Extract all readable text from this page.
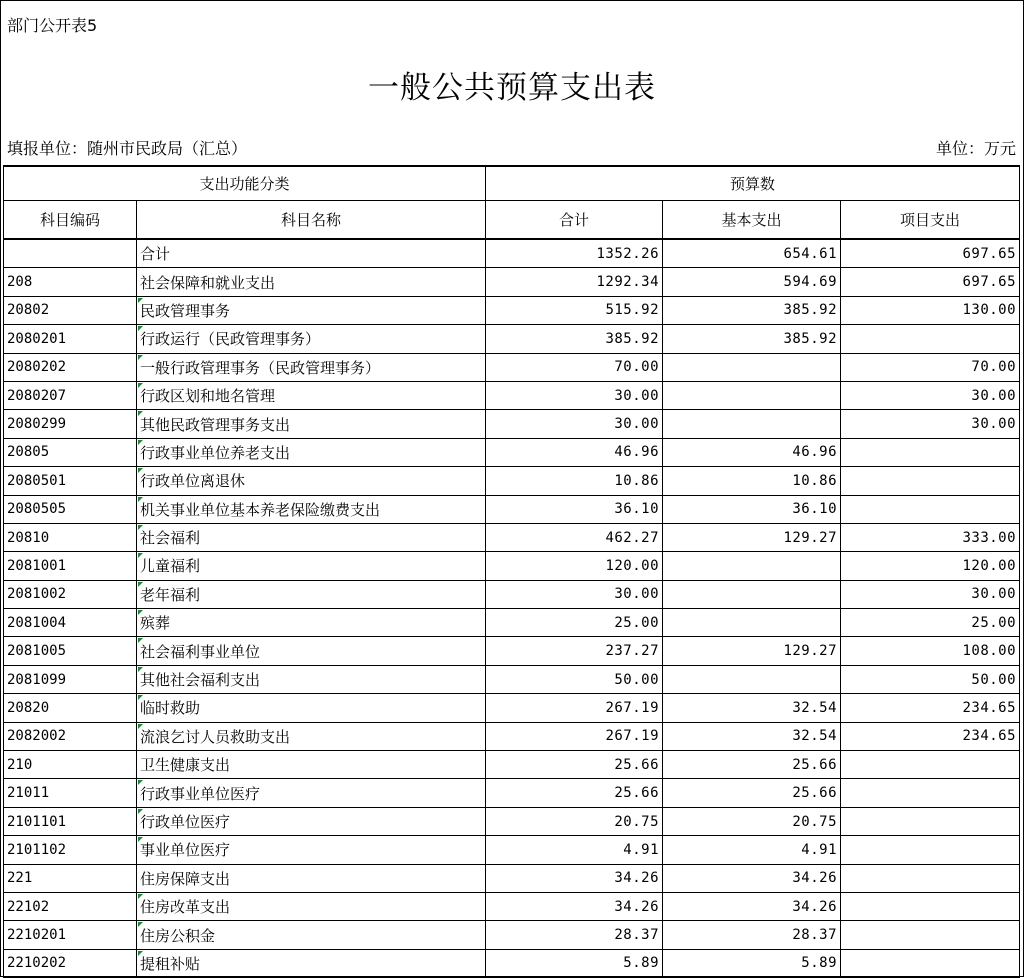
部门公开表5
一般公共预算支出表
填报单位：随州市民政局（汇总）	单位：万元
支出功能分类		预算数		
科目编码	科目名称	合计	基本支出	项目支出
	合计	1352.26	654.61	697.65
208	社会保障和就业支出	1292.34	594.69	697.65
20802	民政管理事务	515.92	385.92	130.00
2080201	行政运行（民政管理事务）	385.92	385.92	
2080202	一般行政管理事务（民政管理事务）	70.00		70.00
2080207	行政区划和地名管理	30.00		30.00
2080299	其他民政管理事务支出	30.00		30.00
20805	行政事业单位养老支出	46.96	46.96	
2080501	行政单位离退休	10.86	10.86	
2080505	机关事业单位基本养老保险缴费支出	36.10	36.10	
20810	社会福利	462.27	129.27	333.00
2081001	儿童福利	120.00		120.00
2081002	老年福利	30.00		30.00
2081004	殡葬	25.00		25.00
2081005	社会福利事业单位	237.27	129.27	108.00
2081099	其他社会福利支出	50.00		50.00
20820	临时救助	267.19	32.54	234.65
2082002	流浪乞讨人员救助支出	267.19	32.54	234.65
210	卫生健康支出	25.66	25.66	
21011	行政事业单位医疗	25.66	25.66	
2101101	行政单位医疗	20.75	20.75	
2101102	事业单位医疗	4.91	4.91	
221	住房保障支出	34.26	34.26	
22102	住房改革支出	34.26	34.26	
2210201	住房公积金	28.37	28.37	
2210202	提租补贴	5.89	5.89	
